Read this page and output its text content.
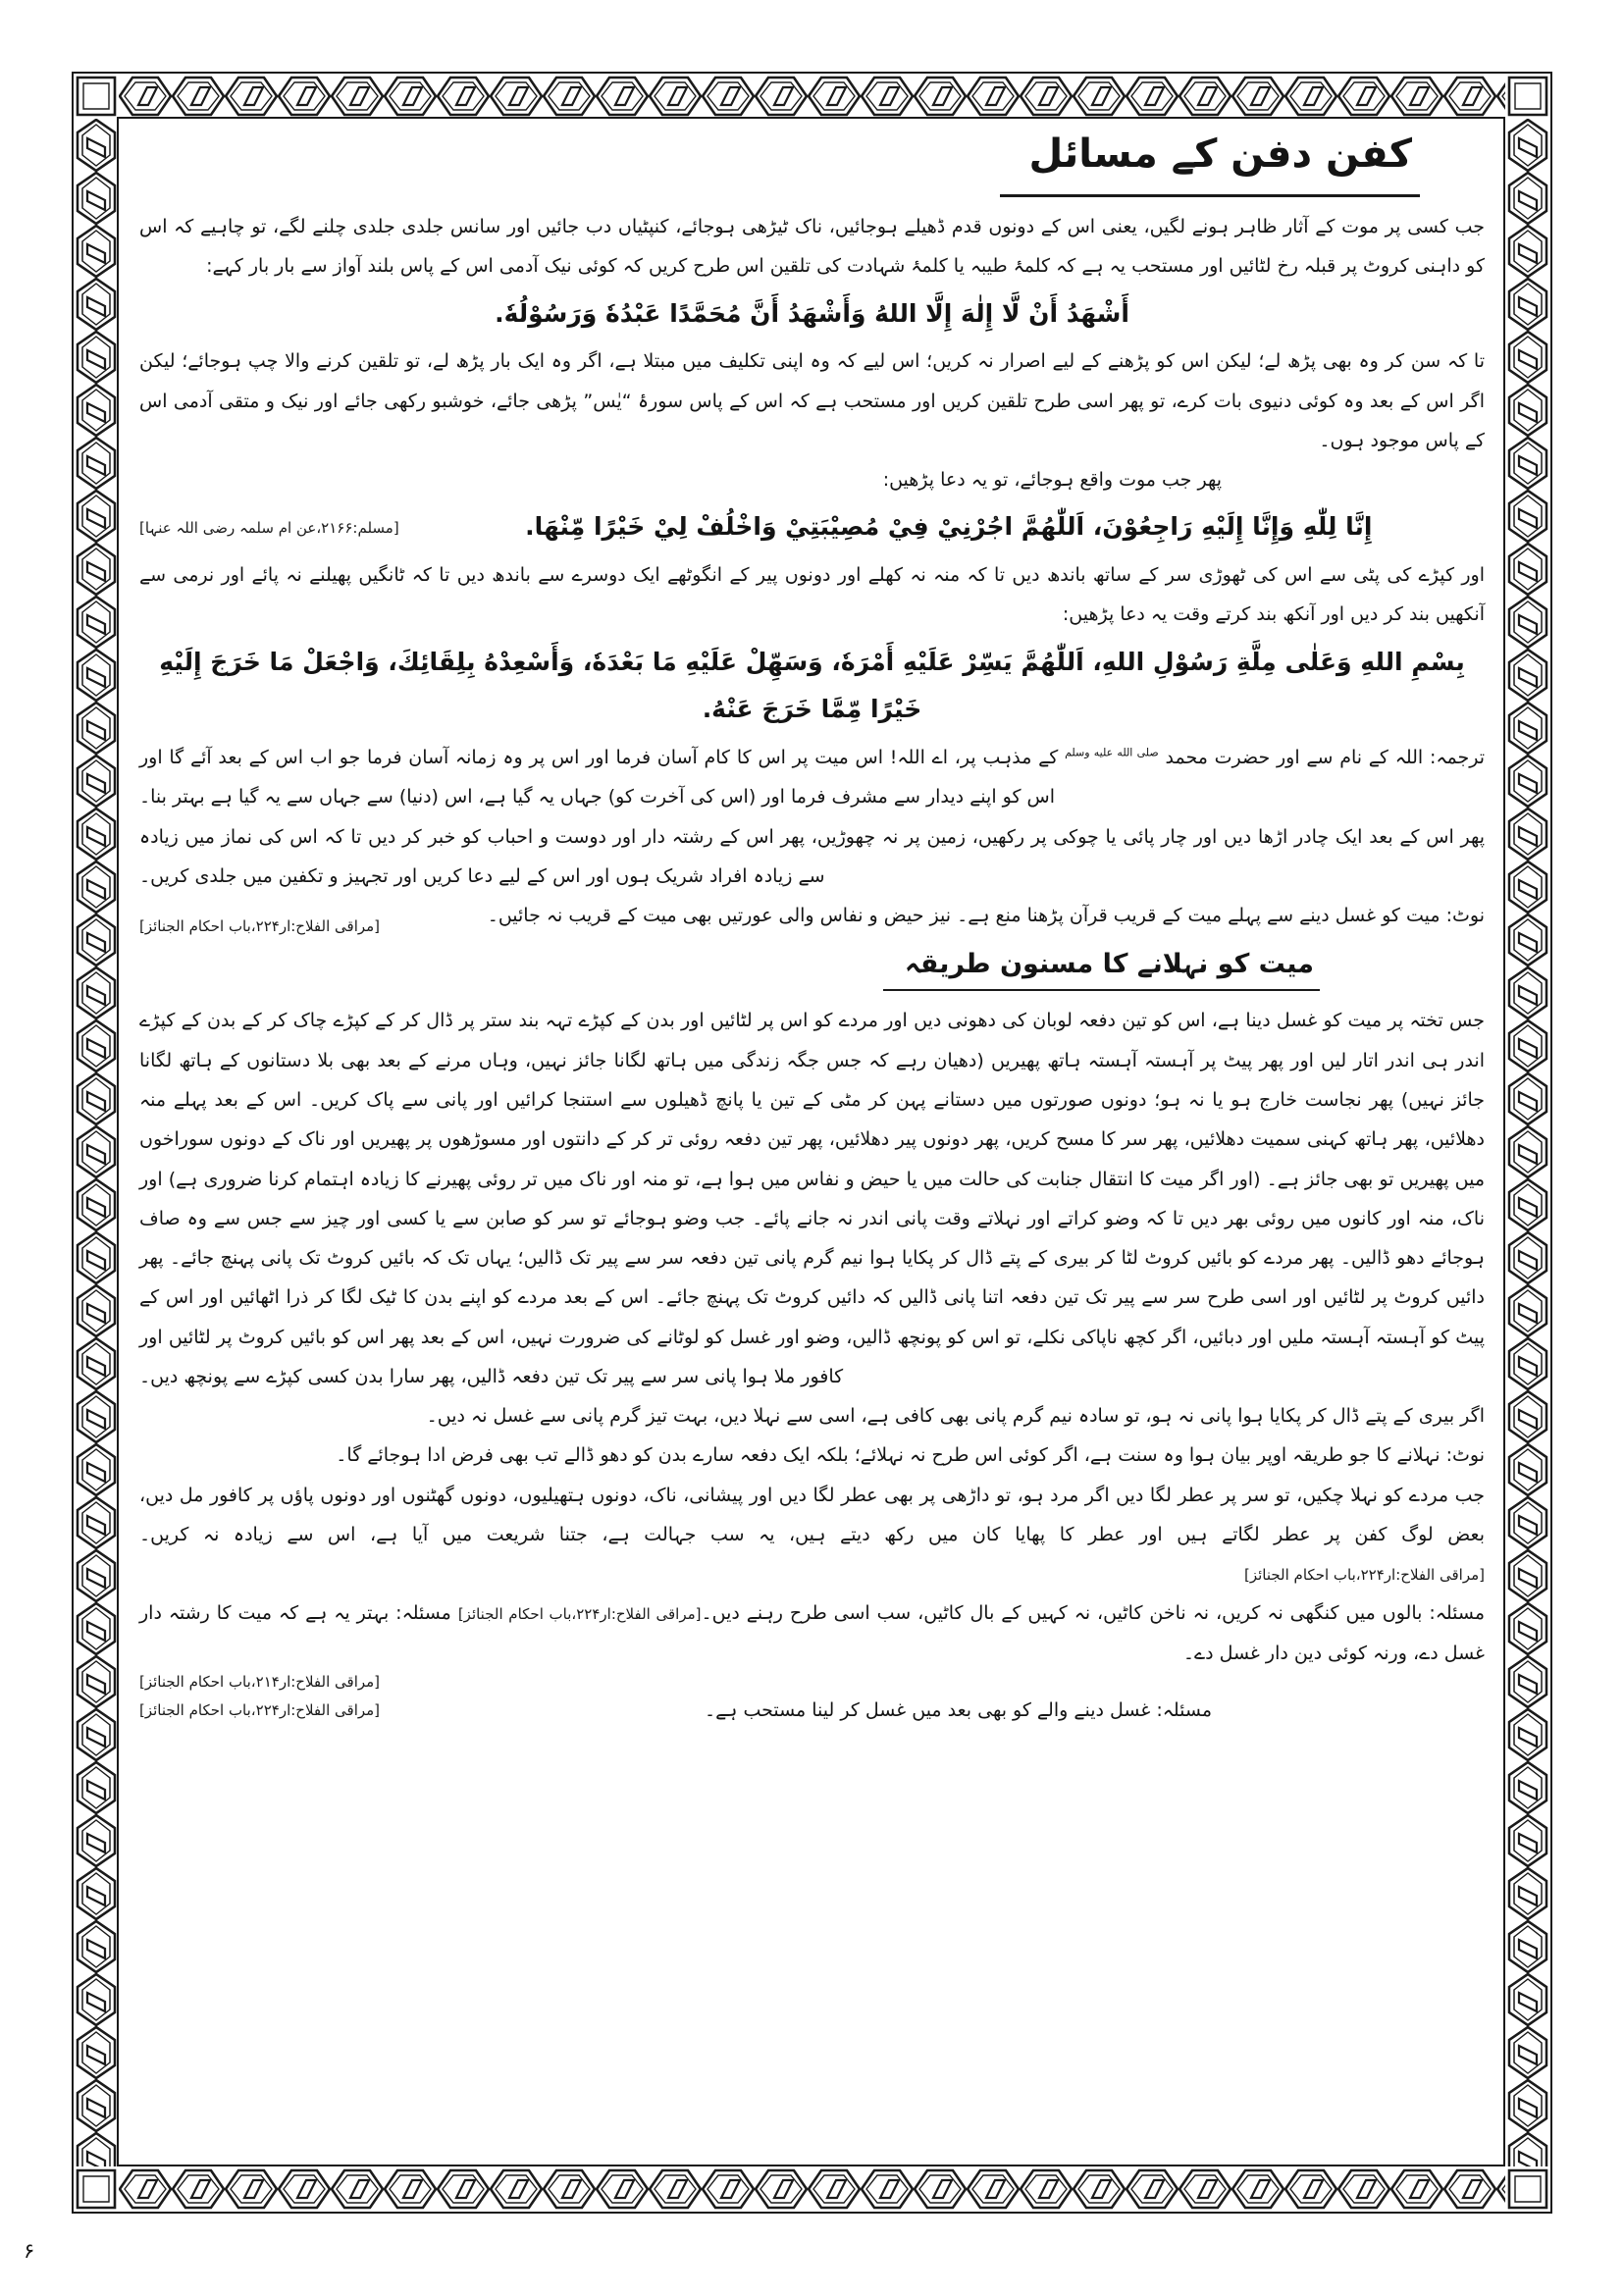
کفن دفن کے مسائل

جب کسی پر موت کے آثار ظاہر ہونے لگیں، یعنی اس کے دونوں قدم ڈھیلے ہوجائیں، ناک ٹیڑھی ہوجائے، کنپٹیاں دب جائیں اور سانس جلدی جلدی چلنے لگے، تو چاہیے کہ اس کو داہنی کروٹ پر قبلہ رخ لٹائیں اور مستحب یہ ہے کہ کلمۂ طیبہ یا کلمۂ شہادت کی تلقین اس طرح کریں کہ کوئی نیک آدمی اس کے پاس بلند آواز سے بار بار کہے:

أَشْهَدُ أَنْ لَّا إِلٰهَ إِلَّا اللهُ وَأَشْهَدُ أَنَّ مُحَمَّدًا عَبْدُهٗ وَرَسُوْلُهٗ.

تا کہ سن کر وہ بھی پڑھ لے؛ لیکن اس کو پڑھنے کے لیے اصرار نہ کریں؛ اس لیے کہ وہ اپنی تکلیف میں مبتلا ہے، اگر وہ ایک بار پڑھ لے، تو تلقین کرنے والا چپ ہوجائے؛ لیکن اگر اس کے بعد وہ کوئی دنیوی بات کرے، تو پھر اسی طرح تلقین کریں اور مستحب ہے کہ اس کے پاس سورۂ “یٰس” پڑھی جائے، خوشبو رکھی جائے اور نیک و متقی آدمی اس کے پاس موجود ہوں۔

پھر جب موت واقع ہوجائے، تو یہ دعا پڑھیں:

إِنَّا لِلّٰهِ وَإِنَّا إِلَيْهِ رَاجِعُوْنَ، اَللّٰهُمَّ اجُرْنِيْ فِيْ مُصِيْبَتِيْ وَاخْلُفْ لِيْ خَيْرًا مِّنْهَا.

[مسلم:۲۱۶۶،عن ام سلمہ رضی اللہ عنہا]

اور کپڑے کی پٹی سے اس کی ٹھوڑی سر کے ساتھ باندھ دیں تا کہ منہ نہ کھلے اور دونوں پیر کے انگوٹھے ایک دوسرے سے باندھ دیں تا کہ ٹانگیں پھیلنے نہ پائے اور نرمی سے آنکھیں بند کر دیں اور آنکھ بند کرتے وقت یہ دعا پڑھیں:

بِسْمِ اللهِ وَعَلٰى مِلَّةِ رَسُوْلِ اللهِ، اَللّٰهُمَّ يَسِّرْ عَلَيْهِ أَمْرَهٗ، وَسَهِّلْ عَلَيْهِ مَا بَعْدَهٗ، وَأَسْعِدْهُ بِلِقَائِكَ، وَاجْعَلْ مَا خَرَجَ إِلَيْهِ خَيْرًا مِّمَّا خَرَجَ عَنْهُ.

ترجمہ: اللہ کے نام سے اور حضرت محمد $^{صلى الله عليه وسلم}$ کے مذہب پر، اے اللہ! اس میت پر اس کا کام آسان فرما اور اس پر وہ زمانہ آسان فرما جو اب اس کے بعد آئے گا اور اس کو اپنے دیدار سے مشرف فرما اور (اس کی آخرت کو) جہاں یہ گیا ہے، اس (دنیا) سے جہاں سے یہ گیا ہے بہتر بنا۔

پھر اس کے بعد ایک چادر اڑھا دیں اور چار پائی یا چوکی پر رکھیں، زمین پر نہ چھوڑیں، پھر اس کے رشتہ دار اور دوست و احباب کو خبر کر دیں تا کہ اس کی نماز میں زیادہ سے زیادہ افراد شریک ہوں اور اس کے لیے دعا کریں اور تجہیز و تکفین میں جلدی کریں۔

نوٹ: میت کو غسل دینے سے پہلے میت کے قریب قرآن پڑھنا منع ہے۔ نیز حیض و نفاس والی عورتیں بھی میت کے قریب نہ جائیں۔

[مراقی الفلاح:ار۲۲۴،باب احکام الجنائز]
میت کو نہلانے کا مسنون طریقہ

جس تختہ پر میت کو غسل دینا ہے، اس کو تین دفعہ لوبان کی دھونی دیں اور مردے کو اس پر لٹائیں اور بدن کے کپڑے تہہ بند ستر پر ڈال کر کے کپڑے چاک کر کے بدن کے کپڑے اندر ہی اندر اتار لیں اور پھر پیٹ پر آہستہ آہستہ ہاتھ پھیریں (دھیان رہے کہ جس جگہ زندگی میں ہاتھ لگانا جائز نہیں، وہاں مرنے کے بعد بھی بلا دستانوں کے ہاتھ لگانا جائز نہیں) پھر نجاست خارج ہو یا نہ ہو؛ دونوں صورتوں میں دستانے پہن کر مٹی کے تین یا پانچ ڈھیلوں سے استنجا کرائیں اور پانی سے پاک کریں۔ اس کے بعد پہلے منہ دھلائیں، پھر ہاتھ کہنی سمیت دھلائیں، پھر سر کا مسح کریں، پھر دونوں پیر دھلائیں، پھر تین دفعہ روئی تر کر کے دانتوں اور مسوڑھوں پر پھیریں اور ناک کے دونوں سوراخوں میں پھیریں تو بھی جائز ہے۔ (اور اگر میت کا انتقال جنابت کی حالت میں یا حیض و نفاس میں ہوا ہے، تو منہ اور ناک میں تر روئی پھیرنے کا زیادہ اہتمام کرنا ضروری ہے) اور ناک، منہ اور کانوں میں روئی بھر دیں تا کہ وضو کراتے اور نہلاتے وقت پانی اندر نہ جانے پائے۔ جب وضو ہوجائے تو سر کو صابن سے یا کسی اور چیز سے جس سے وہ صاف ہوجائے دھو ڈالیں۔ پھر مردے کو بائیں کروٹ لٹا کر بیری کے پتے ڈال کر پکایا ہوا نیم گرم پانی تین دفعہ سر سے پیر تک ڈالیں؛ یہاں تک کہ بائیں کروٹ تک پانی پہنچ جائے۔ پھر دائیں کروٹ پر لٹائیں اور اسی طرح سر سے پیر تک تین دفعہ اتنا پانی ڈالیں کہ دائیں کروٹ تک پہنچ جائے۔ اس کے بعد مردے کو اپنے بدن کا ٹیک لگا کر ذرا اٹھائیں اور اس کے پیٹ کو آہستہ آہستہ ملیں اور دبائیں، اگر کچھ ناپاکی نکلے، تو اس کو پونچھ ڈالیں، وضو اور غسل کو لوٹانے کی ضرورت نہیں، اس کے بعد پھر اس کو بائیں کروٹ پر لٹائیں اور کافور ملا ہوا پانی سر سے پیر تک تین دفعہ ڈالیں، پھر سارا بدن کسی کپڑے سے پونچھ دیں۔

اگر بیری کے پتے ڈال کر پکایا ہوا پانی نہ ہو، تو سادہ نیم گرم پانی بھی کافی ہے، اسی سے نہلا دیں، بہت تیز گرم پانی سے غسل نہ دیں۔

نوٹ: نہلانے کا جو طریقہ اوپر بیان ہوا وہ سنت ہے، اگر کوئی اس طرح نہ نہلائے؛ بلکہ ایک دفعہ سارے بدن کو دھو ڈالے تب بھی فرض ادا ہوجائے گا۔

جب مردے کو نہلا چکیں، تو سر پر عطر لگا دیں اگر مرد ہو، تو داڑھی پر بھی عطر لگا دیں اور پیشانی، ناک، دونوں ہتھیلیوں، دونوں گھٹنوں اور دونوں پاؤں پر کافور مل دیں، بعض لوگ کفن پر عطر لگاتے ہیں اور عطر کا پھایا کان میں رکھ دیتے ہیں، یہ سب جہالت ہے، جتنا شریعت میں آیا ہے، اس سے زیادہ نہ کریں۔ [مراقی الفلاح:ار۲۲۴،باب احکام الجنائز]

مسئلہ: بالوں میں کنگھی نہ کریں، نہ ناخن کاٹیں، نہ کہیں کے بال کاٹیں، سب اسی طرح رہنے دیں۔[مراقی الفلاح:ار۲۲۴،باب احکام الجنائز] مسئلہ: بہتر یہ ہے کہ میت کا رشتہ دار غسل دے، ورنہ کوئی دین دار غسل دے۔

[مراقی الفلاح:ار۲۱۴،باب احکام الجنائز]

مسئلہ: غسل دینے والے کو بھی بعد میں غسل کر لینا مستحب ہے۔

[مراقی الفلاح:ار۲۲۴،باب احکام الجنائز]
۶
